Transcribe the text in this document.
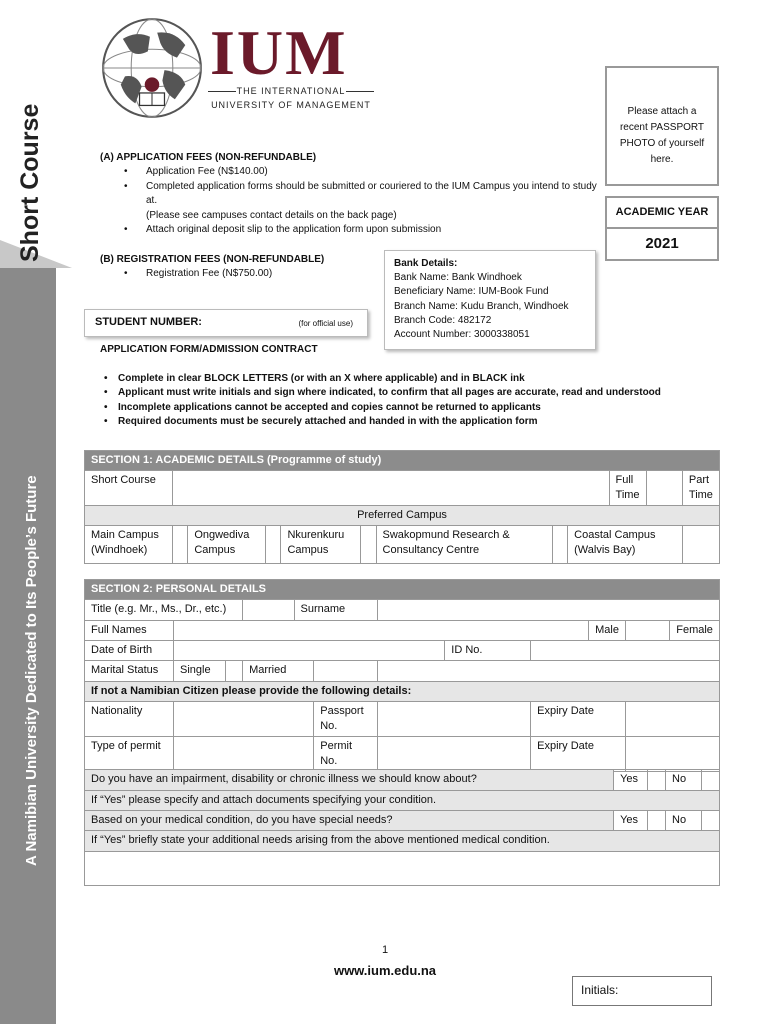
Short Course
A Namibian University Dedicated to Its People’s Future
IUM
THE INTERNATIONAL
UNIVERSITY OF MANAGEMENT
Please attach a recent PASSPORT PHOTO of yourself here.
ACADEMIC YEAR
2021
(A) APPLICATION FEES (NON-REFUNDABLE)
• Application Fee (N$140.00)
• Completed application forms should be submitted or couriered to the IUM Campus you intend to study at.
(Please see campuses contact details on the back page)
• Attach original deposit slip to the application form upon submission
(B) REGISTRATION FEES (NON-REFUNDABLE)
• Registration Fee (N$750.00)
Bank Details:
Bank Name: Bank Windhoek
Beneficiary Name: IUM-Book Fund
Branch Name: Kudu Branch, Windhoek
Branch Code: 482172
Account Number: 3000338051
STUDENT NUMBER:	(for official use)
APPLICATION FORM/ADMISSION CONTRACT
• Complete in clear BLOCK LETTERS (or with an X where applicable) and in BLACK ink
• Applicant must write initials and sign where indicated, to confirm that all pages are accurate, read and understood
• Incomplete applications cannot be accepted and copies cannot be returned to applicants
• Required documents must be securely attached and handed in with the application form
SECTION 1: ACADEMIC DETAILS (Programme of study)											
Short Course									Full Time		Part Time
Preferred Campus											
Main Campus (Windhoek)		Ongwediva Campus		Nkurenkuru Campus		Swakopmund Research & Consultancy Centre		Coastal Campus (Walvis Bay)			
SECTION 2: PERSONAL DETAILS											
Title (e.g. Mr., Ms., Dr., etc.)				Surname							
Full Names									Male		Female
Date of Birth							ID No.				
Marital Status	Single		Married								
If not a Namibian Citizen please provide the following details:											
Nationality					Passport No.			Expiry Date			
Type of permit					Permit No.			Expiry Date			
Do you have an impairment, disability or chronic illness we should know about?	Yes		No	
If “Yes” please specify and attach documents specifying your condition.				
Based on your medical condition, do you have special needs?	Yes		No	
If “Yes” briefly state your additional needs arising from the above mentioned medical condition.				

1
www.ium.edu.na
Initials:
